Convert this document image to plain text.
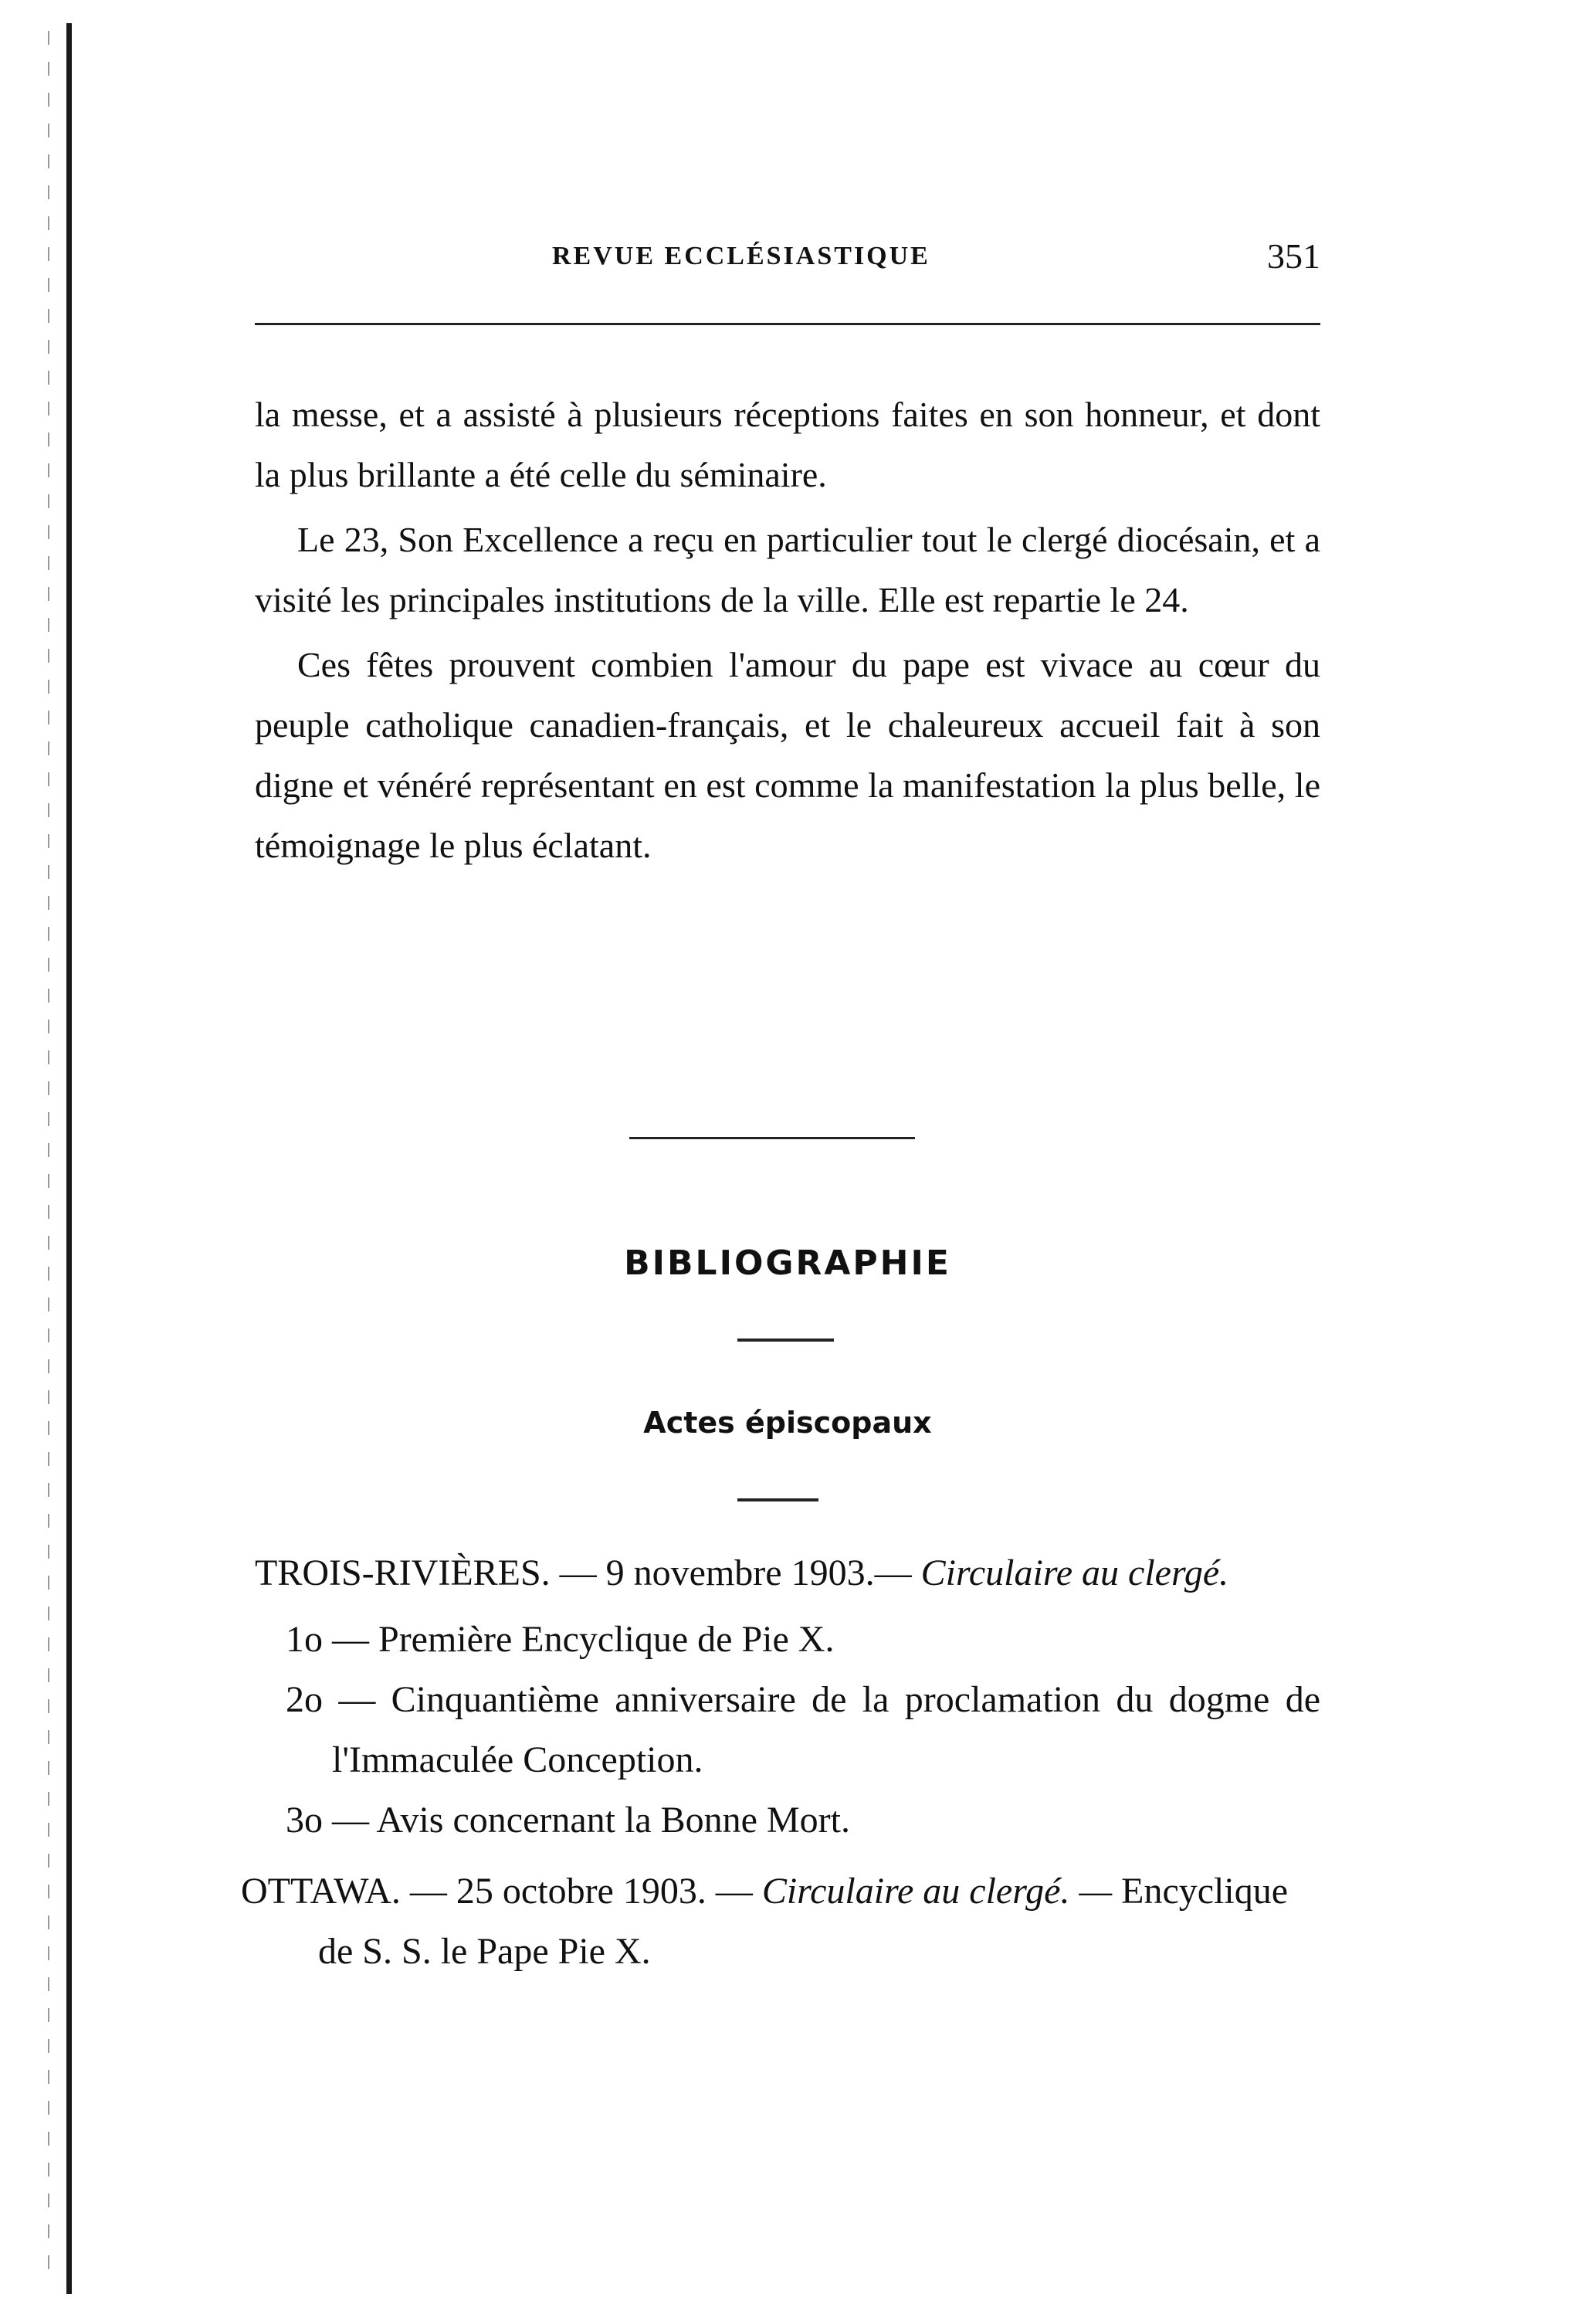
REVUE ECCLÉSIASTIQUE	351

la messe, et a assisté à plusieurs réceptions faites en son honneur, et dont la plus brillante a été celle du séminaire.

Le 23, Son Excellence a reçu en particulier tout le clergé diocésain, et a visité les principales institutions de la ville. Elle est repartie le 24.

Ces fêtes prouvent combien l'amour du pape est vivace au cœur du peuple catholique canadien-français, et le chaleureux accueil fait à son digne et vénéré représentant en est comme la manifestation la plus belle, le témoignage le plus éclatant.

BIBLIOGRAPHIE
Actes épiscopaux
TROIS-RIVIÈRES. — 9 novembre 1903.— Circulaire au clergé.
1o — Première Encyclique de Pie X.
2o — Cinquantième anniversaire de la proclamation du dogme de l'Immaculée Conception.
3o — Avis concernant la Bonne Mort.
OTTAWA. — 25 octobre 1903. — Circulaire au clergé. — Encyclique de S. S. le Pape Pie X.
